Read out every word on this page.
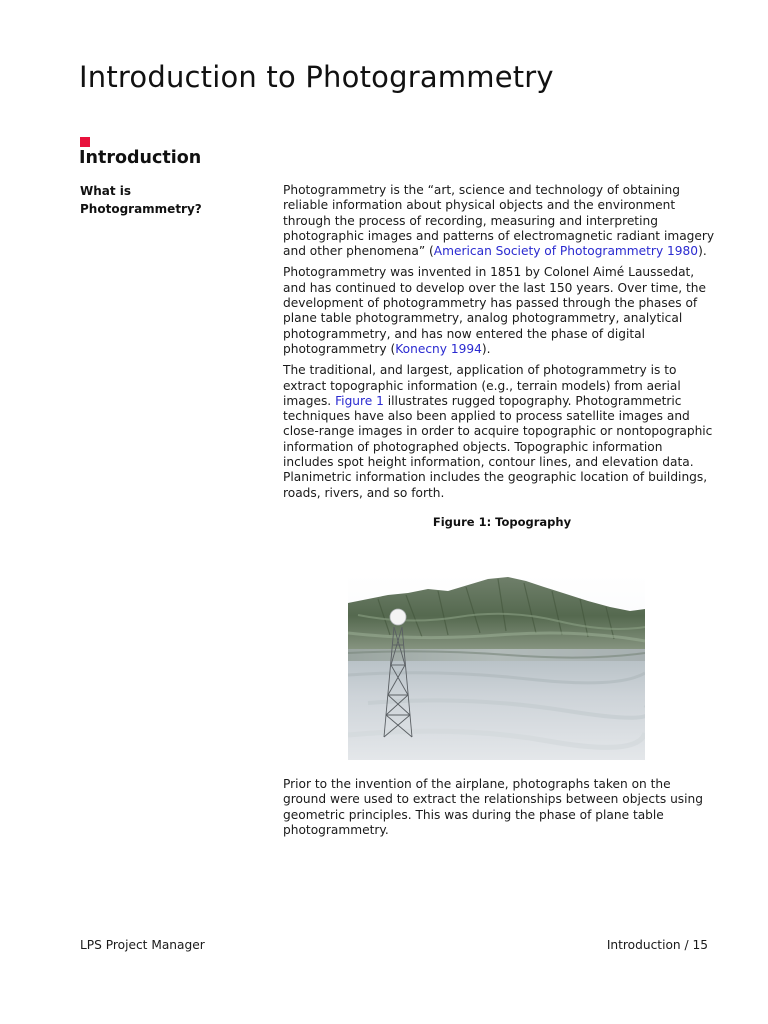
Introduction to Photogrammetry
Introduction
What is Photogrammetry?

Photogrammetry is the “art, science and technology of obtaining reliable information about physical objects and the environment through the process of recording, measuring and interpreting photographic images and patterns of electromagnetic radiant imagery and other phenomena” (American Society of Photogrammetry 1980).

Photogrammetry was invented in 1851 by Colonel Aimé Laussedat, and has continued to develop over the last 150 years. Over time, the development of photogrammetry has passed through the phases of plane table photogrammetry, analog photogrammetry, analytical photogrammetry, and has now entered the phase of digital photogrammetry (Konecny 1994).

The traditional, and largest, application of photogrammetry is to extract topographic information (e.g., terrain models) from aerial images. Figure 1 illustrates rugged topography. Photogrammetric techniques have also been applied to process satellite images and close-range images in order to acquire topographic or nontopographic information of photographed objects. Topographic information includes spot height information, contour lines, and elevation data. Planimetric information includes the geographic location of buildings, roads, rivers, and so forth.

Figure 1: Topography

Prior to the invention of the airplane, photographs taken on the ground were used to extract the relationships between objects using geometric principles. This was during the phase of plane table photogrammetry.

LPS Project Manager	Introduction / 15
